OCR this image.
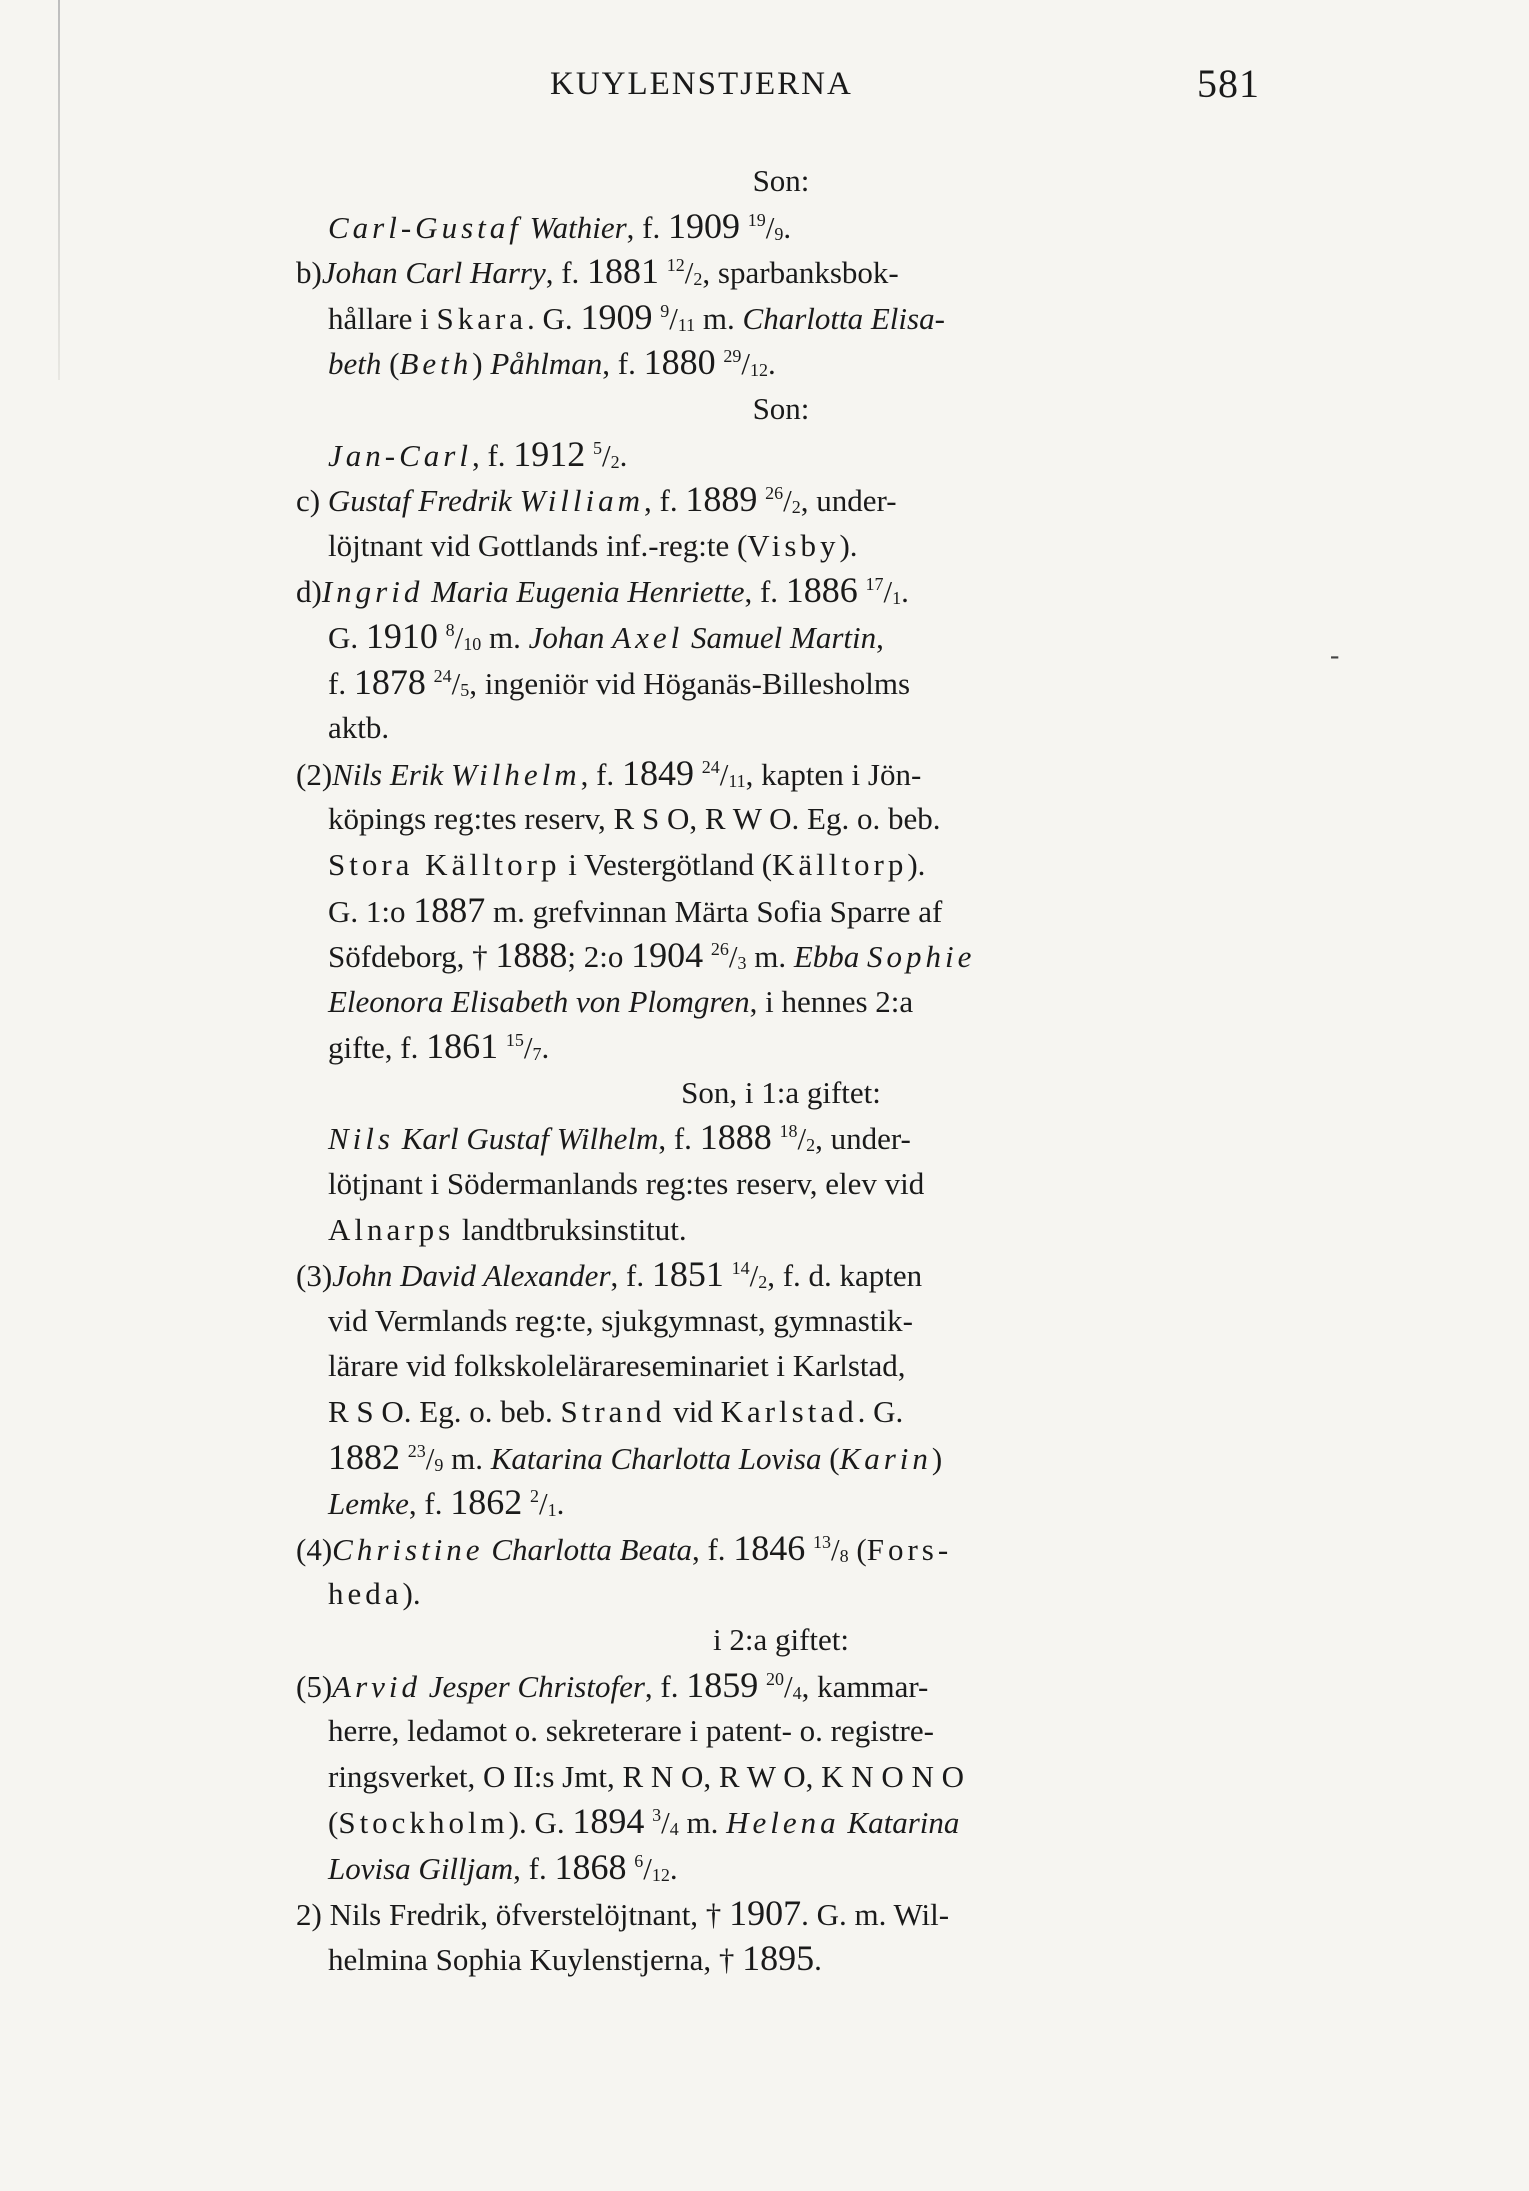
KUYLENSTJERNA	581
-
Son:
Carl-Gustaf Wathier, f. 1909 $^{19}/_9$.
b)Johan Carl Harry, f. 1881 $^{12}/_2$, sparbanksbok-
hållare i Skara. G. 1909 $^9/_{11}$ m. Charlotta Elisa-
beth (Beth) Påhlman, f. 1880 $^{29}/_{12}$.
Son:
Jan-Carl, f. 1912 $^5/_2$.
c) Gustaf Fredrik William, f. 1889 $^{26}/_2$, under-
löjtnant vid Gottlands inf.-reg:te (Visby).
d)Ingrid Maria Eugenia Henriette, f. 1886 $^{17}/_1$.
G. 1910 $^8/_{10}$ m. Johan Axel Samuel Martin,
f. 1878 $^{24}/_5$, ingeniör vid Höganäs-Billesholms
aktb.
(2)Nils Erik Wilhelm, f. 1849 $^{24}/_{11}$, kapten i Jön-
köpings reg:tes reserv, R S O, R W O. Eg. o. beb.
Stora Källtorp i Vestergötland (Källtorp).
G. 1:o 1887 m. grefvinnan Märta Sofia Sparre af
Söfdeborg, † 1888; 2:o 1904 $^{26}/_3$ m. Ebba Sophie
Eleonora Elisabeth von Plomgren, i hennes 2:a
gifte, f. 1861 $^{15}/_7$.
Son, i 1:a giftet:
Nils Karl Gustaf Wilhelm, f. 1888 $^{18}/_2$, under-
lötjnant i Södermanlands reg:tes reserv, elev vid
Alnarps landtbruksinstitut.
(3)John David Alexander, f. 1851 $^{14}/_2$, f. d. kapten
vid Vermlands reg:te, sjukgymnast, gymnastik-
lärare vid folkskolelärareseminariet i Karlstad,
R S O. Eg. o. beb. Strand vid Karlstad. G.
1882 $^{23}/_9$ m. Katarina Charlotta Lovisa (Karin)
Lemke, f. 1862 $^2/_1$.
(4)Christine Charlotta Beata, f. 1846 $^{13}/_8$ (Fors-
heda).
i 2:a giftet:
(5)Arvid Jesper Christofer, f. 1859 $^{20}/_4$, kammar-
herre, ledamot o. sekreterare i patent- o. registre-
ringsverket, O II:s Jmt, R N O, R W O, K N O N O
(Stockholm). G. 1894 $^3/_4$ m. Helena Katarina
Lovisa Gilljam, f. 1868 $^6/_{12}$.
2) Nils Fredrik, öfverstelöjtnant, † 1907. G. m. Wil-
helmina Sophia Kuylenstjerna, † 1895.
